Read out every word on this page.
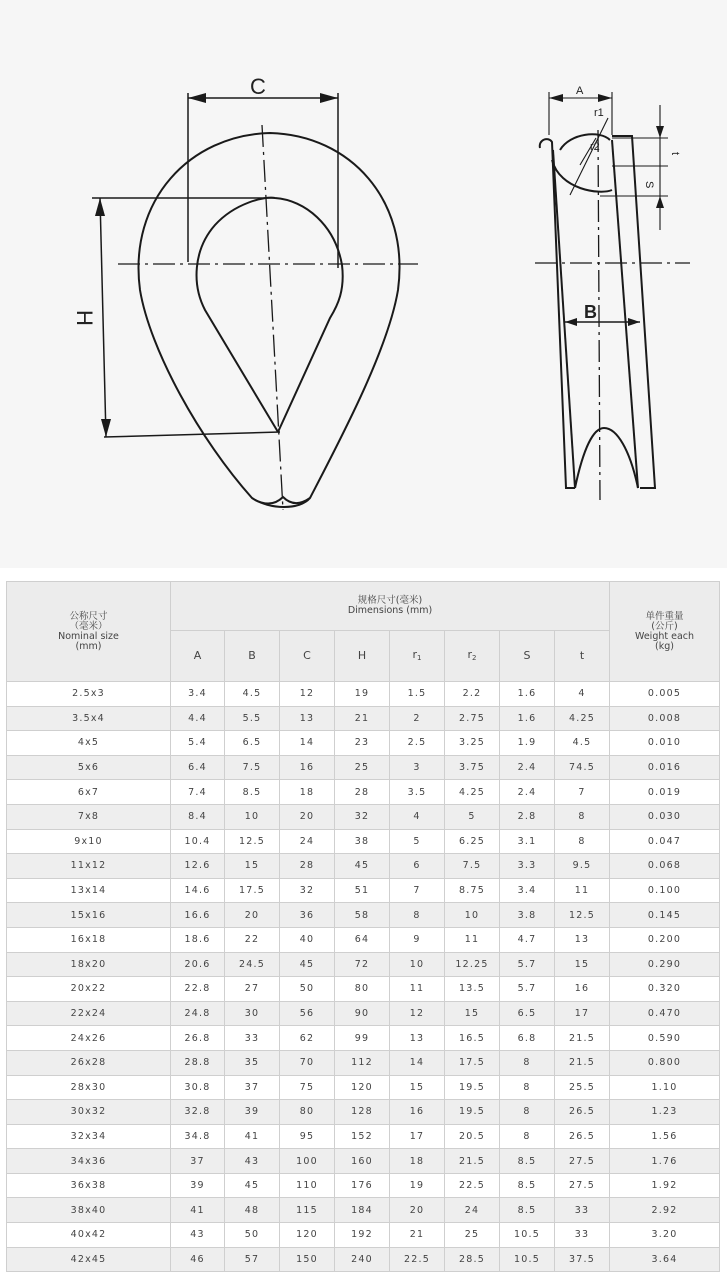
C
H
A
r1
r2
t
S
B
公称尺寸
（毫米）
Nominal size
(mm)	规格尺寸(毫米)
Dimensions (mm)								单件重量
(公斤)
Weight each
(kg)

	A	B	C	H	$r_1$	$r_2$	S	t	
2.5x3	3.4	4.5	12	19	1.5	2.2	1.6	4	0.005
3.5x4	4.4	5.5	13	21	2	2.75	1.6	4.25	0.008
4x5	5.4	6.5	14	23	2.5	3.25	1.9	4.5	0.010
5x6	6.4	7.5	16	25	3	3.75	2.4	74.5	0.016
6x7	7.4	8.5	18	28	3.5	4.25	2.4	7	0.019
7x8	8.4	10	20	32	4	5	2.8	8	0.030
9x10	10.4	12.5	24	38	5	6.25	3.1	8	0.047
11x12	12.6	15	28	45	6	7.5	3.3	9.5	0.068
13x14	14.6	17.5	32	51	7	8.75	3.4	11	0.100
15x16	16.6	20	36	58	8	10	3.8	12.5	0.145
16x18	18.6	22	40	64	9	11	4.7	13	0.200
18x20	20.6	24.5	45	72	10	12.25	5.7	15	0.290
20x22	22.8	27	50	80	11	13.5	5.7	16	0.320
22x24	24.8	30	56	90	12	15	6.5	17	0.470
24x26	26.8	33	62	99	13	16.5	6.8	21.5	0.590
26x28	28.8	35	70	112	14	17.5	8	21.5	0.800
28x30	30.8	37	75	120	15	19.5	8	25.5	1.10
30x32	32.8	39	80	128	16	19.5	8	26.5	1.23
32x34	34.8	41	95	152	17	20.5	8	26.5	1.56
34x36	37	43	100	160	18	21.5	8.5	27.5	1.76
36x38	39	45	110	176	19	22.5	8.5	27.5	1.92
38x40	41	48	115	184	20	24	8.5	33	2.92
40x42	43	50	120	192	21	25	10.5	33	3.20
42x45	46	57	150	240	22.5	28.5	10.5	37.5	3.64
